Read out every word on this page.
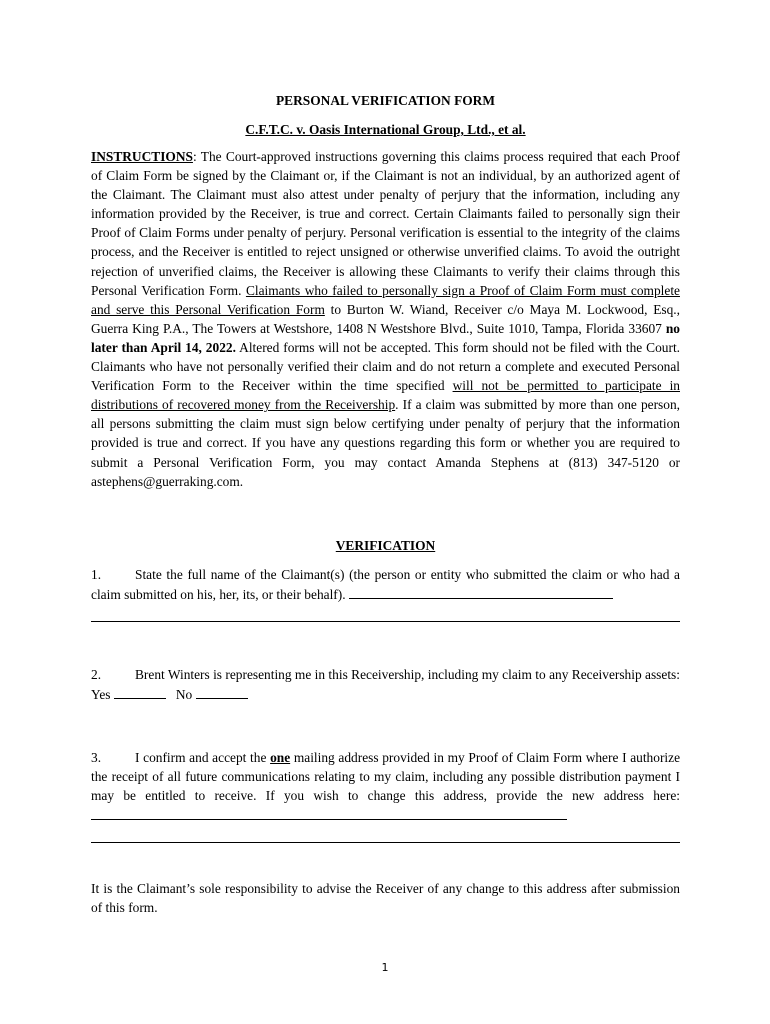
PERSONAL VERIFICATION FORM

C.F.T.C. v. Oasis International Group, Ltd., et al.

INSTRUCTIONS: The Court-approved instructions governing this claims process required that each Proof of Claim Form be signed by the Claimant or, if the Claimant is not an individual, by an authorized agent of the Claimant. The Claimant must also attest under penalty of perjury that the information, including any information provided by the Receiver, is true and correct. Certain Claimants failed to personally sign their Proof of Claim Forms under penalty of perjury. Personal verification is essential to the integrity of the claims process, and the Receiver is entitled to reject unsigned or otherwise unverified claims. To avoid the outright rejection of unverified claims, the Receiver is allowing these Claimants to verify their claims through this Personal Verification Form. Claimants who failed to personally sign a Proof of Claim Form must complete and serve this Personal Verification Form to Burton W. Wiand, Receiver c/o Maya M. Lockwood, Esq., Guerra King P.A., The Towers at Westshore, 1408 N Westshore Blvd., Suite 1010, Tampa, Florida 33607 no later than April 14, 2022. Altered forms will not be accepted. This form should not be filed with the Court. Claimants who have not personally verified their claim and do not return a complete and executed Personal Verification Form to the Receiver within the time specified will not be permitted to participate in distributions of recovered money from the Receivership. If a claim was submitted by more than one person, all persons submitting the claim must sign below certifying under penalty of perjury that the information provided is true and correct. If you have any questions regarding this form or whether you are required to submit a Personal Verification Form, you may contact Amanda Stephens at (813) 347-5120 or astephens@guerraking.com.

VERIFICATION

1.	State the full name of the Claimant(s) (the person or entity who submitted the claim or who had a claim submitted on his, her, its, or their behalf).

2.	Brent Winters is representing me in this Receivership, including my claim to any Receivership assets: Yes	No

3.	I confirm and accept the one mailing address provided in my Proof of Claim Form where I authorize the receipt of all future communications relating to my claim, including any possible distribution payment I may be entitled to receive. If you wish to change this address, provide the new address here:

It is the Claimant’s sole responsibility to advise the Receiver of any change to this address after submission of this form.

1
